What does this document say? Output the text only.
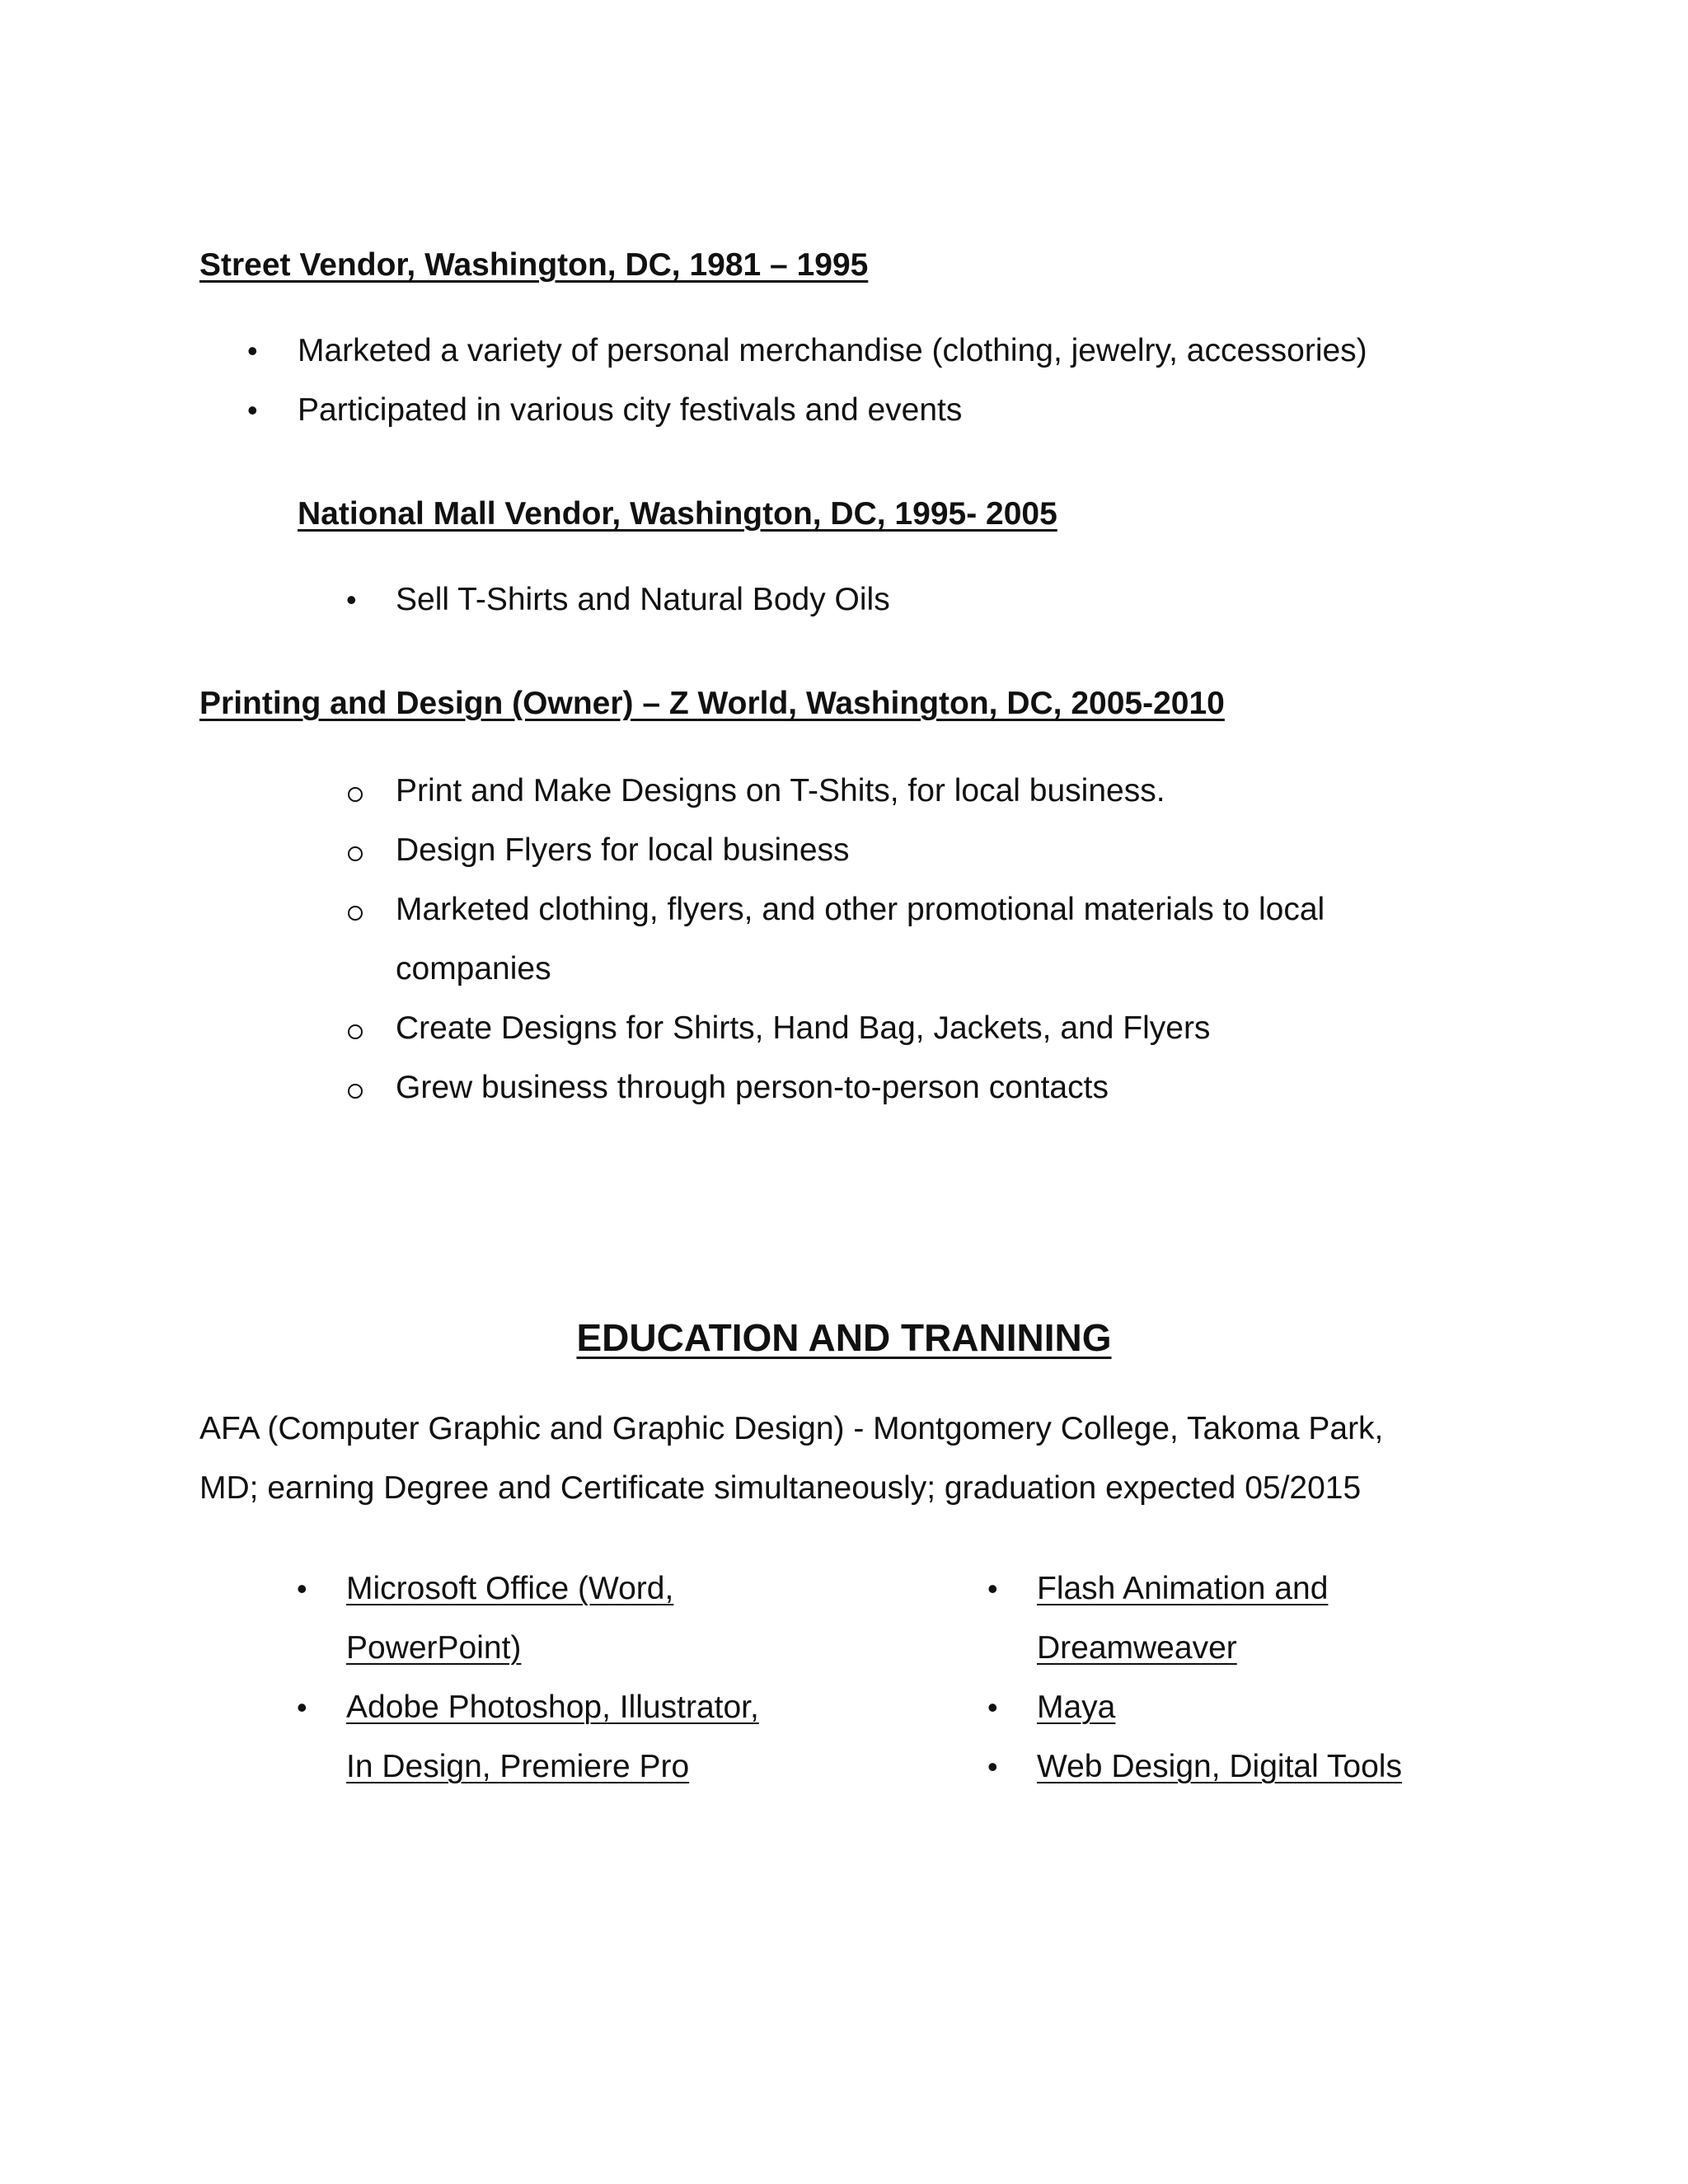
Street Vendor, Washington, DC, 1981 – 1995
• Marketed a variety of personal merchandise (clothing, jewelry, accessories)
• Participated in various city festivals and events
National Mall Vendor, Washington, DC, 1995- 2005
• Sell T-Shirts and Natural Body Oils
Printing and Design (Owner) – Z World, Washington, DC, 2005-2010
Print and Make Designs on T-Shits, for local business.
Design Flyers for local business
Marketed clothing, flyers, and other promotional materials to local
companies
Create Designs for Shirts, Hand Bag, Jackets, and Flyers
Grew business through person-to-person contacts
EDUCATION AND TRANINING
AFA (Computer Graphic and Graphic Design) - Montgomery College, Takoma Park,
MD; earning Degree and Certificate simultaneously; graduation expected 05/2015
• Microsoft Office (Word,
PowerPoint)
• Adobe Photoshop, Illustrator,
In Design, Premiere Pro
• Flash Animation and
Dreamweaver
• Maya
• Web Design, Digital Tools
